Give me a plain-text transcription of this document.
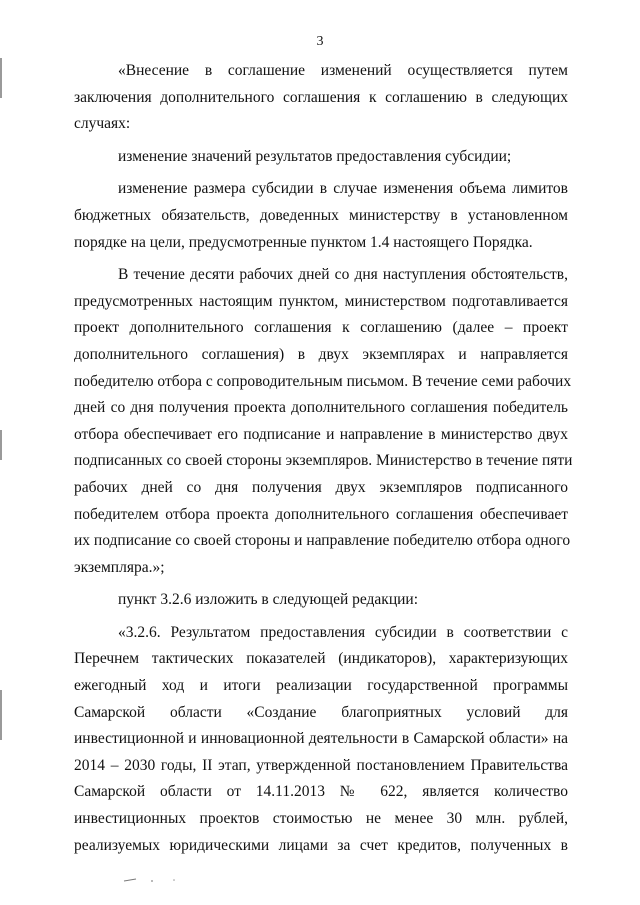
3
«Внесение в соглашение изменений осуществляется путем
заключения дополнительного соглашения к соглашению в следующих
случаях:
изменение значений результатов предоставления субсидии;
изменение размера субсидии в случае изменения объема лимитов
бюджетных обязательств, доведенных министерству в установленном
порядке на цели, предусмотренные пунктом 1.4 настоящего Порядка.
В течение десяти рабочих дней со дня наступления обстоятельств,
предусмотренных настоящим пунктом, министерством подготавливается
проект дополнительного соглашения к соглашению (далее – проект
дополнительного соглашения) в двух экземплярах и направляется
победителю отбора с сопроводительным письмом. В течение семи рабочих
дней со дня получения проекта дополнительного соглашения победитель
отбора обеспечивает его подписание и направление в министерство двух
подписанных со своей стороны экземпляров. Министерство в течение пяти
рабочих дней со дня получения двух экземпляров подписанного
победителем отбора проекта дополнительного соглашения обеспечивает
их подписание со своей стороны и направление победителю отбора одного
экземпляра.»;
пункт 3.2.6 изложить в следующей редакции:
«3.2.6. Результатом предоставления субсидии в соответствии с
Перечнем тактических показателей (индикаторов), характеризующих
ежегодный ход и итоги реализации государственной программы
Самарской области «Создание благоприятных условий для
инвестиционной и инновационной деятельности в Самарской области» на
2014 – 2030 годы, II этап, утвержденной постановлением Правительства
Самарской области от 14.11.2013 № 622, является количество
инвестиционных проектов стоимостью не менее 30 млн. рублей,
реализуемых юридическими лицами за счет кредитов, полученных в
